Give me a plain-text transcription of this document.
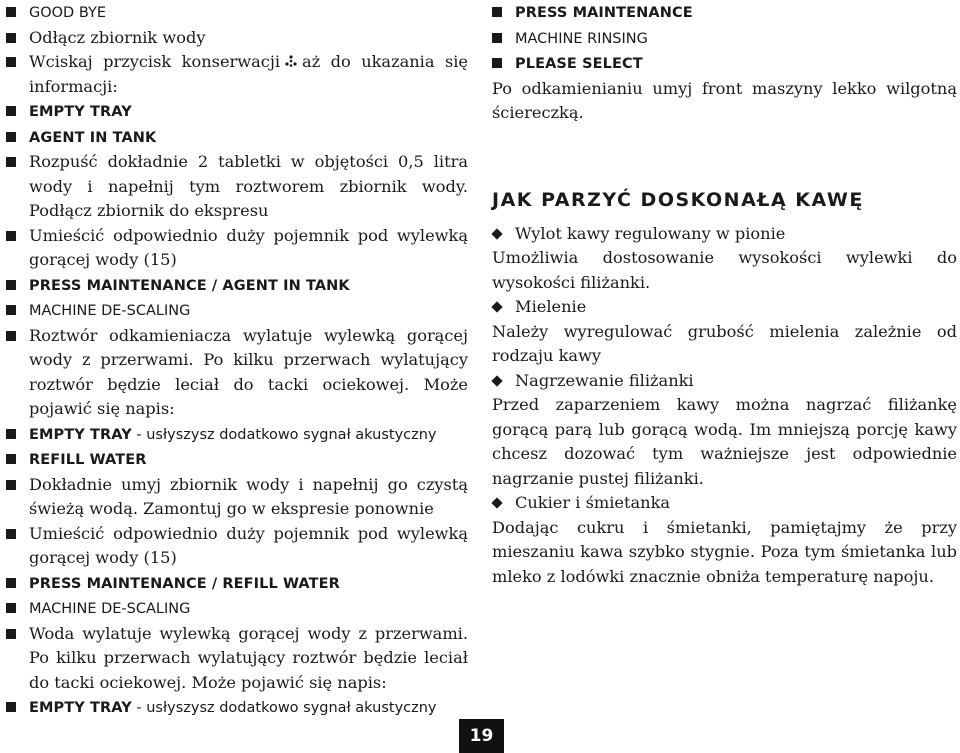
GOOD BYE
Odłącz zbiornik wody
Wciskaj przycisk konserwacji aż do ukazania się informacji:
EMPTY TRAY
AGENT IN TANK
Rozpuść dokładnie 2 tabletki w objętości 0,5 litra wody i napełnij tym roztworem zbiornik wody. Podłącz zbiornik do ekspresu
Umieścić odpowiednio duży pojemnik pod wylewką gorącej wody (15)
PRESS MAINTENANCE / AGENT IN TANK
MACHINE DE-SCALING
Roztwór odkamieniacza wylatuje wylewką gorącej wody z przerwami. Po kilku przerwach wylatujący roztwór będzie leciał do tacki ociekowej. Może pojawić się napis:
EMPTY TRAY - usłyszysz dodatkowo sygnał akustyczny
REFILL WATER
Dokładnie umyj zbiornik wody i napełnij go czystą świeżą wodą. Zamontuj go w ekspresie ponownie
Umieścić odpowiednio duży pojemnik pod wylewką gorącej wody (15)
PRESS MAINTENANCE / REFILL WATER
MACHINE DE-SCALING
Woda wylatuje wylewką gorącej wody z przerwami. Po kilku przerwach wylatujący roztwór będzie leciał do tacki ociekowej. Może pojawić się napis:
EMPTY TRAY - usłyszysz dodatkowo sygnał akustyczny
PRESS MAINTENANCE
MACHINE RINSING
PLEASE SELECT
Po odkamienianiu umyj front maszyny lekko wilgotną ściereczką.
JAK PARZYĆ DOSKONAŁĄ KAWĘ
Wylot kawy regulowany w pionie
Umożliwia dostosowanie wysokości wylewki do wysokości filiżanki.
Mielenie
Należy wyregulować grubość mielenia zależnie od rodzaju kawy
Nagrzewanie filiżanki
Przed zaparzeniem kawy można nagrzać filiżankę gorącą parą lub gorącą wodą. Im mniejszą porcję kawy chcesz dozować tym ważniejsze jest odpowiednie nagrzanie pustej filiżanki.
Cukier i śmietanka
Dodając cukru i śmietanki, pamiętajmy że przy mieszaniu kawa szybko stygnie. Poza tym śmietanka lub mleko z lodówki znacznie obniża temperaturę napoju.
19
